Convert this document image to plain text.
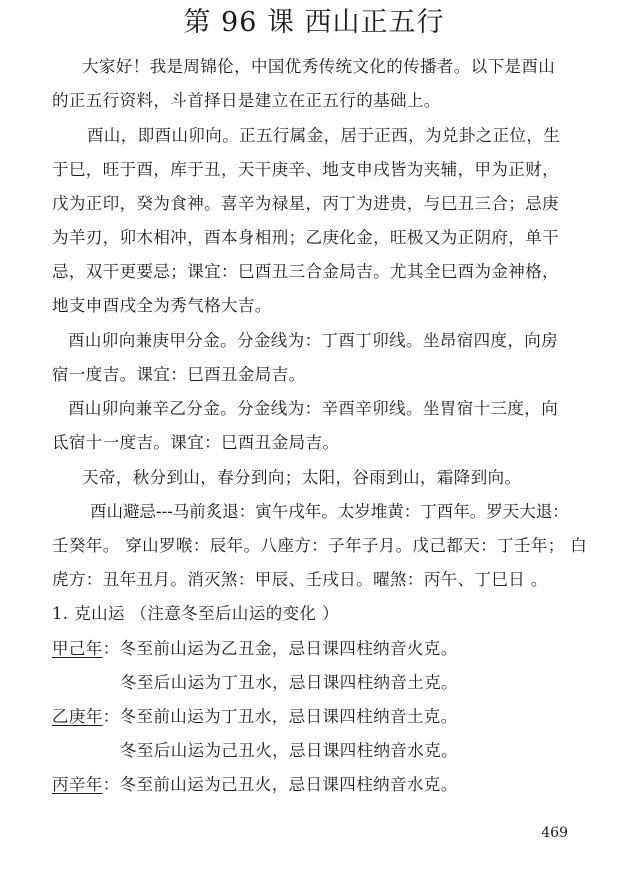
第 96 课 西山正五行
大家好！我是周锦伦，中国优秀传统文化的传播者。以下是酉山
的正五行资料，斗首择日是建立在正五行的基础上。
酉山，即酉山卯向。正五行属金，居于正西，为兑卦之正位，生
于巳，旺于酉，库于丑，天干庚辛、地支申戌皆为夹辅，甲为正财，
戊为正印，癸为食神。喜辛为禄星，丙丁为进贵，与巳丑三合；忌庚
为羊刃，卯木相冲，酉本身相刑；乙庚化金，旺极又为正阴府，单干
忌，双干更要忌；课宜：巳酉丑三合金局吉。尤其全巳酉为金神格，
地支申酉戌全为秀气格大吉。
酉山卯向兼庚甲分金。分金线为：丁酉丁卯线。坐昂宿四度，向房
宿一度吉。课宜：巳酉丑金局吉。
酉山卯向兼辛乙分金。分金线为：辛酉辛卯线。坐胃宿十三度，向
氐宿十一度吉。课宜：巳酉丑金局吉。
天帝，秋分到山，春分到向；太阳，谷雨到山，霜降到向。
酉山避忌---马前炙退：寅午戌年。太岁堆黄：丁酉年。罗天大退：
壬癸年。 穿山罗喉：辰年。八座方：子年子月。戊己都天：丁壬年； 白
虎方：丑年丑月。消灭煞：甲辰、壬戌日。曜煞：丙午、丁巳日 。
1. 克山运 （注意冬至后山运的变化 ）
甲己年：冬至前山运为乙丑金，忌日课四柱纳音火克。
冬至后山运为丁丑水，忌日课四柱纳音土克。
乙庚年：冬至前山运为丁丑水，忌日课四柱纳音土克。
冬至后山运为己丑火，忌日课四柱纳音水克。
丙辛年：冬至前山运为己丑火，忌日课四柱纳音水克。
469
